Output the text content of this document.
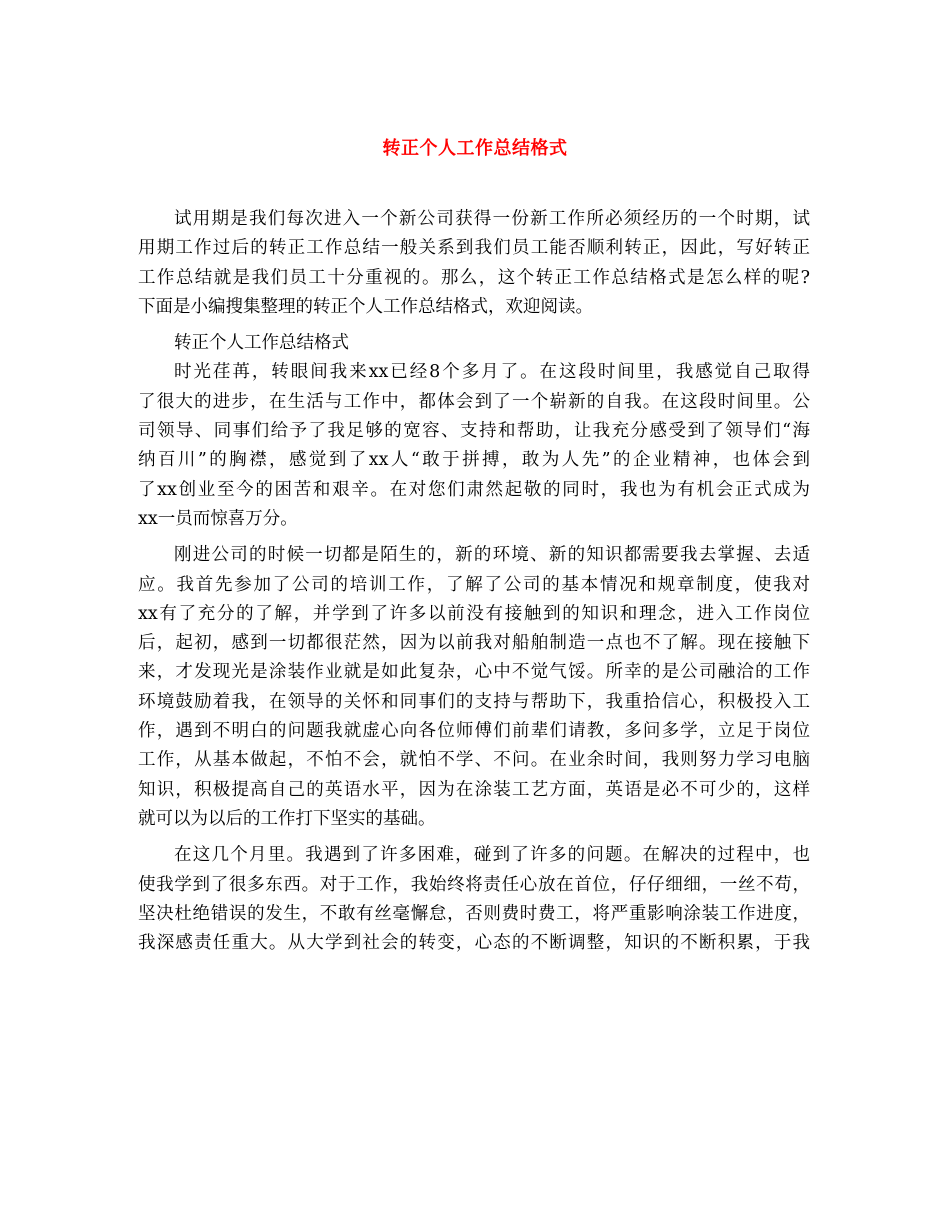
转正个人工作总结格式
试用期是我们每次进入一个新公司获得一份新工作所必须经历的一个时期，试
用期工作过后的转正工作总结一般关系到我们员工能否顺利转正，因此，写好转正
工作总结就是我们员工十分重视的。那么，这个转正工作总结格式是怎么样的呢?
下面是小编搜集整理的转正个人工作总结格式，欢迎阅读。
转正个人工作总结格式
时光荏苒，转眼间我来xx已经8个多月了。在这段时间里，我感觉自己取得
了很大的进步，在生活与工作中，都体会到了一个崭新的自我。在这段时间里。公
司领导、同事们给予了我足够的宽容、支持和帮助，让我充分感受到了领导们“海
纳百川”的胸襟，感觉到了xx人“敢于拼搏，敢为人先”的企业精神，也体会到
了xx创业至今的困苦和艰辛。在对您们肃然起敬的同时，我也为有机会正式成为
xx一员而惊喜万分。
刚进公司的时候一切都是陌生的，新的环境、新的知识都需要我去掌握、去适
应。我首先参加了公司的培训工作，了解了公司的基本情况和规章制度，使我对
xx有了充分的了解，并学到了许多以前没有接触到的知识和理念，进入工作岗位
后，起初，感到一切都很茫然，因为以前我对船舶制造一点也不了解。现在接触下
来，才发现光是涂装作业就是如此复杂，心中不觉气馁。所幸的是公司融洽的工作
环境鼓励着我，在领导的关怀和同事们的支持与帮助下，我重拾信心，积极投入工
作，遇到不明白的问题我就虚心向各位师傅们前辈们请教，多问多学，立足于岗位
工作，从基本做起，不怕不会，就怕不学、不问。在业余时间，我则努力学习电脑
知识，积极提高自己的英语水平，因为在涂装工艺方面，英语是必不可少的，这样
就可以为以后的工作打下坚实的基础。
在这几个月里。我遇到了许多困难，碰到了许多的问题。在解决的过程中，也
使我学到了很多东西。对于工作，我始终将责任心放在首位，仔仔细细，一丝不苟，
坚决杜绝错误的发生，不敢有丝毫懈怠，否则费时费工，将严重影响涂装工作进度，
我深感责任重大。从大学到社会的转变，心态的不断调整，知识的不断积累，于我
